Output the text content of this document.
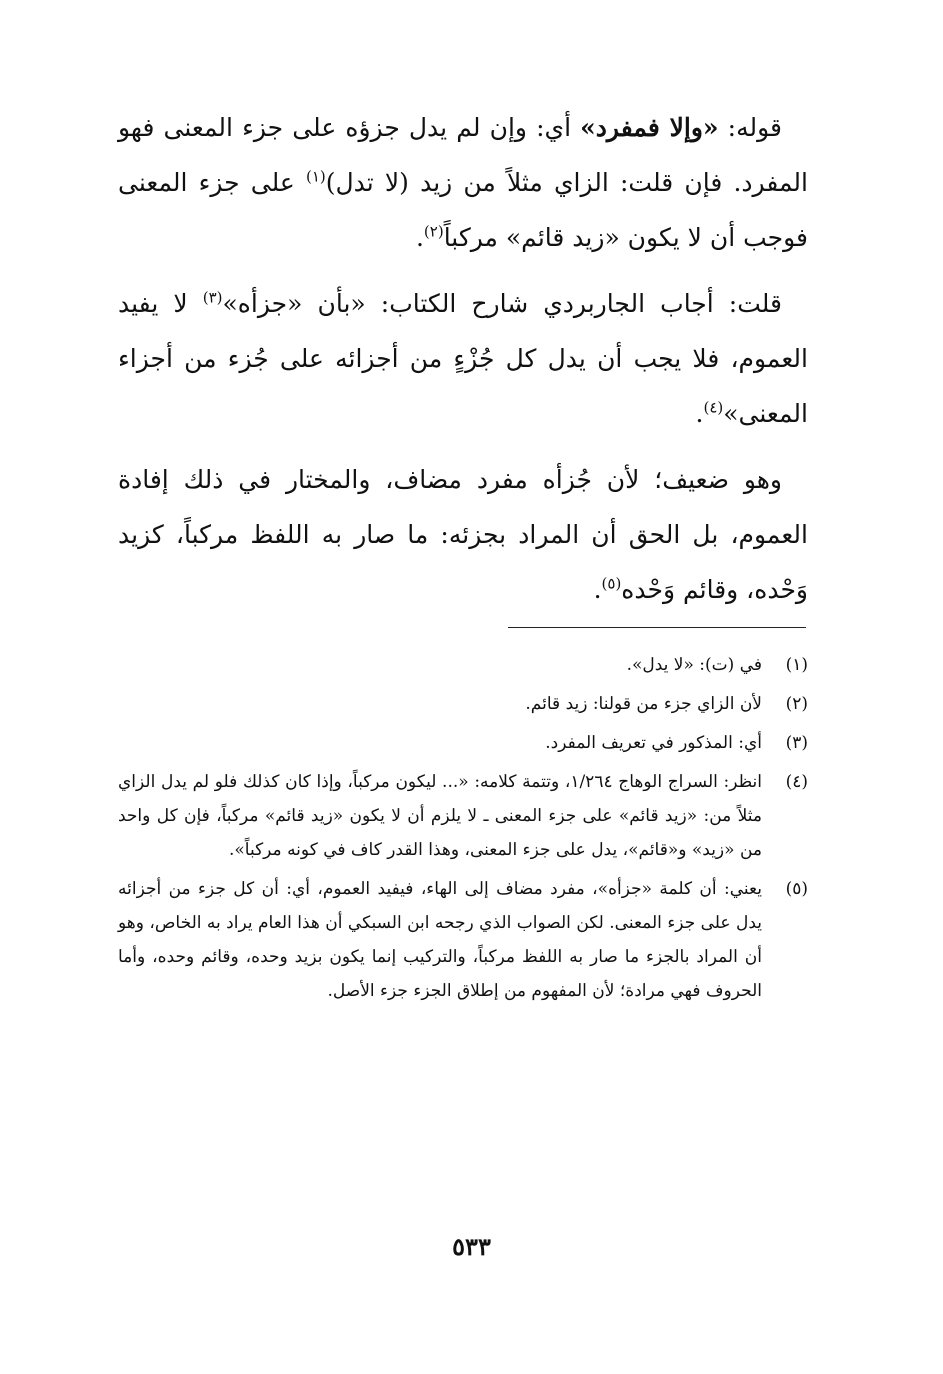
قوله: «وإلا فمفرد» أي: وإن لم يدل جزؤه على جزء المعنى فهو المفرد. فإن قلت: الزاي مثلاً من زيد (لا تدل)$^{(١)}$ على جزء المعنى فوجب أن لا يكون «زيد قائم» مركباً$^{(٢)}$.

قلت: أجاب الجاربردي شارح الكتاب: «بأن «جزأه»$^{(٣)}$ لا يفيد العموم، فلا يجب أن يدل كل جُزْءٍ من أجزائه على جُزء من أجزاء المعنى»$^{(٤)}$.

وهو ضعيف؛ لأن جُزأه مفرد مضاف، والمختار في ذلك إفادة العموم، بل الحق أن المراد بجزئه: ما صار به اللفظ مركباً، كزيد وَحْده، وقائم وَحْده$^{(٥)}$.

(١)
في (ت): «لا يدل».
(٢)
لأن الزاي جزء من قولنا: زيد قائم.
(٣)
أي: المذكور في تعريف المفرد.
(٤)
انظر: السراج الوهاج ١/٢٦٤، وتتمة كلامه: «... ليكون مركباً، وإذا كان كذلك فلو لم يدل الزاي مثلاً من: «زيد قائم» على جزء المعنى ـ لا يلزم أن لا يكون «زيد قائم» مركباً، فإن كل واحد من «زيد» و«قائم»، يدل على جزء المعنى، وهذا القدر كاف في كونه مركباً».
(٥)
يعني: أن كلمة «جزأه»، مفرد مضاف إلى الهاء، فيفيد العموم، أي: أن كل جزء من أجزائه يدل على جزء المعنى. لكن الصواب الذي رجحه ابن السبكي أن هذا العام يراد به الخاص، وهو أن المراد بالجزء ما صار به اللفظ مركباً، والتركيب إنما يكون بزيد وحده، وقائم وحده، وأما الحروف فهي مرادة؛ لأن المفهوم من إطلاق الجزء جزء الأصل.
٥٣٣
